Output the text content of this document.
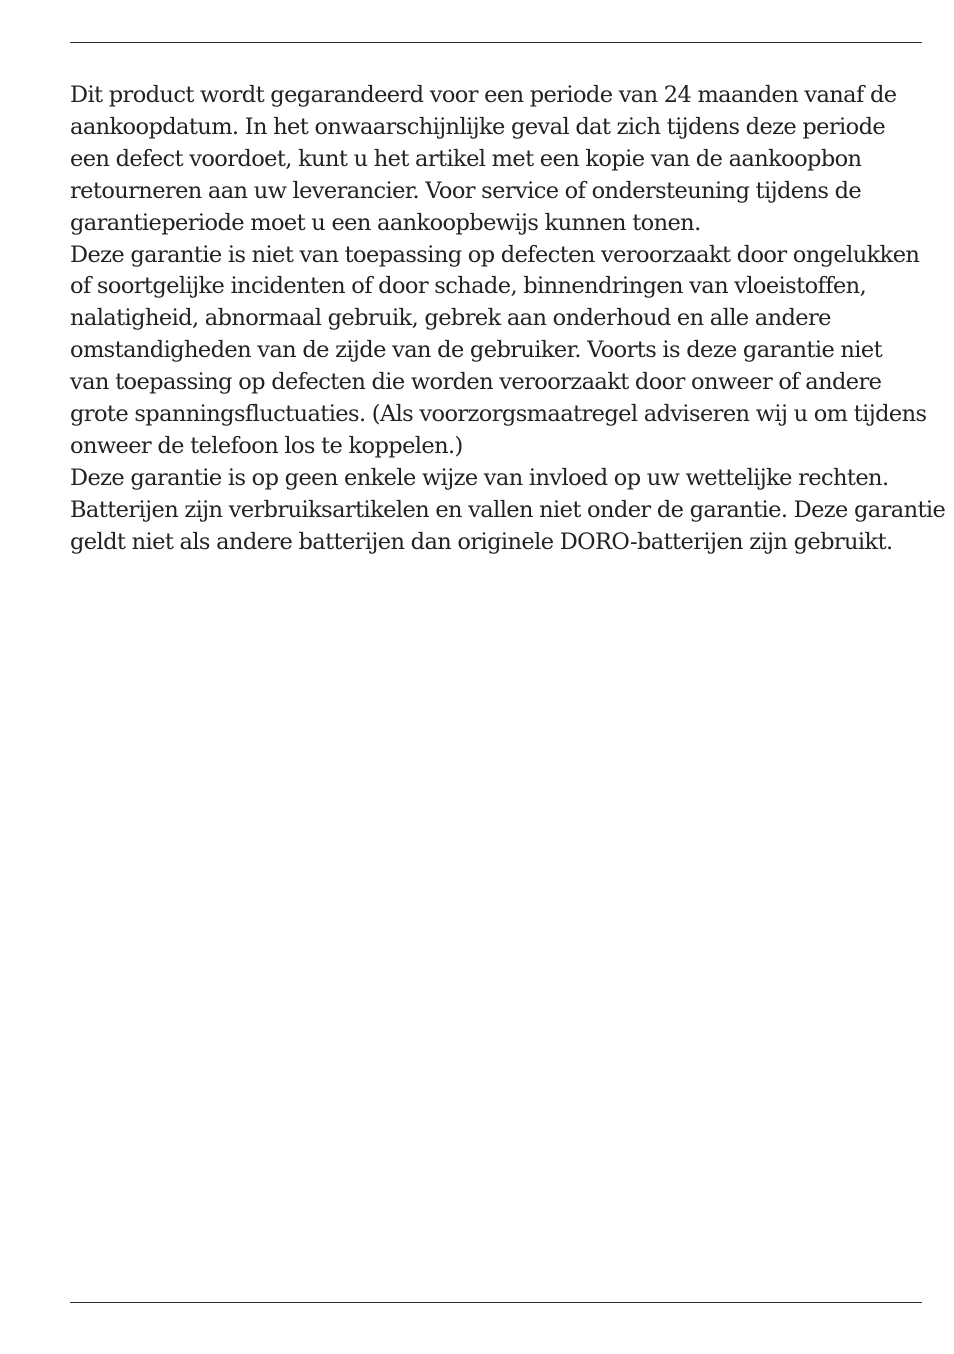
Dit product wordt gegarandeerd voor een periode van 24 maanden vanaf de
aankoopdatum. In het onwaarschijnlijke geval dat zich tijdens deze periode
een defect voordoet, kunt u het artikel met een kopie van de aankoopbon
retourneren aan uw leverancier. Voor service of ondersteuning tijdens de
garantieperiode moet u een aankoopbewijs kunnen tonen.
Deze garantie is niet van toepassing op defecten veroorzaakt door ongelukken
of soortgelijke incidenten of door schade, binnendringen van vloeistoffen,
nalatigheid, abnormaal gebruik, gebrek aan onderhoud en alle andere
omstandigheden van de zijde van de gebruiker. Voorts is deze garantie niet
van toepassing op defecten die worden veroorzaakt door onweer of andere
grote spanningsfluctuaties. (Als voorzorgsmaatregel adviseren wij u om tijdens
onweer de telefoon los te koppelen.)
Deze garantie is op geen enkele wijze van invloed op uw wettelijke rechten.
Batterijen zijn verbruiksartikelen en vallen niet onder de garantie. Deze garantie
geldt niet als andere batterijen dan originele DORO-batterijen zijn gebruikt.
